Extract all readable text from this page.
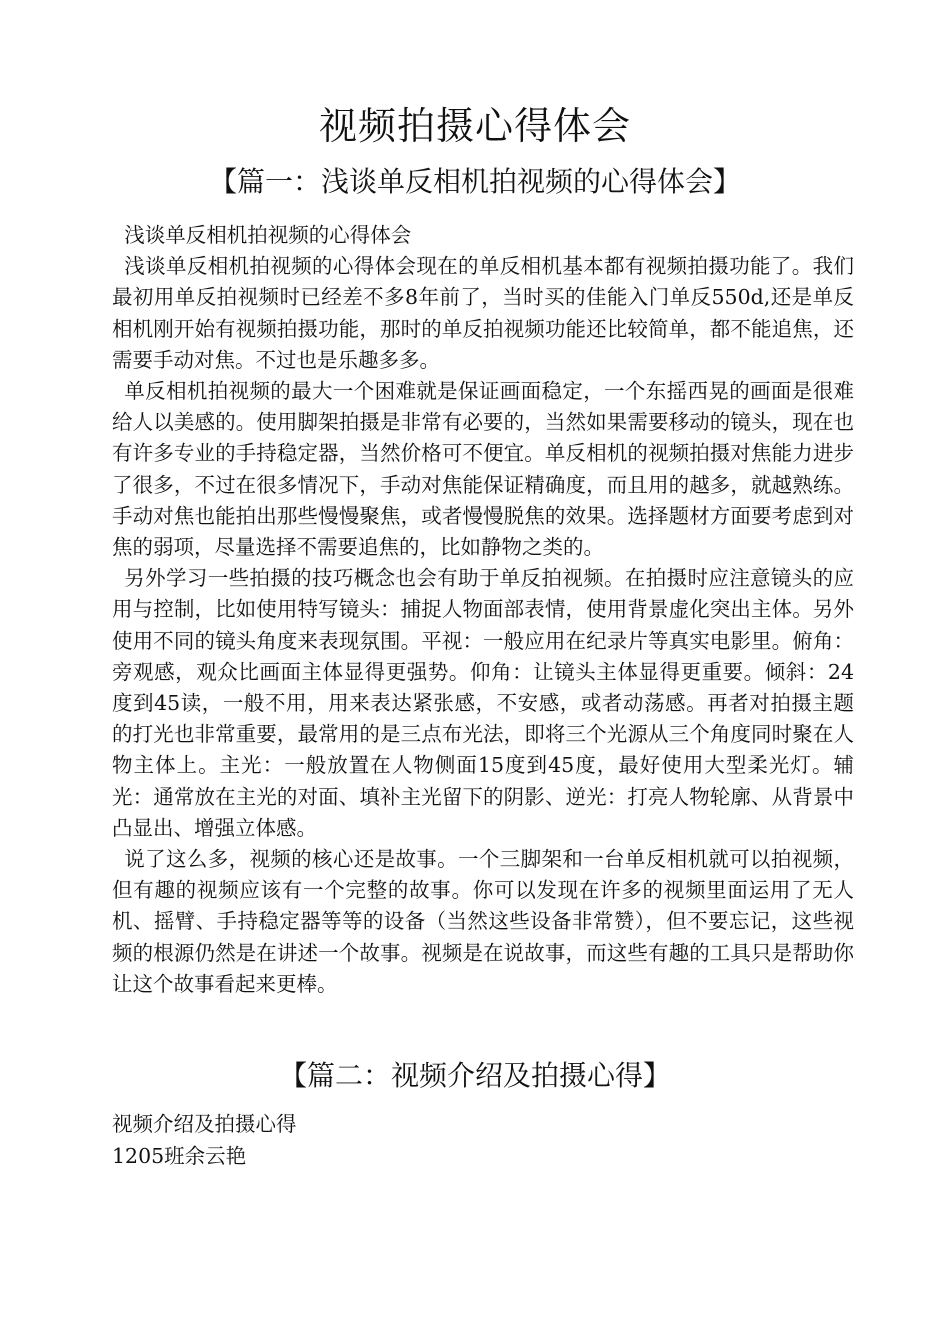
视频拍摄心得体会
【篇一：浅谈单反相机拍视频的心得体会】

浅谈单反相机拍视频的心得体会

浅谈单反相机拍视频的心得体会现在的单反相机基本都有视频拍摄功能了。我们最初用单反拍视频时已经差不多8年前了，当时买的佳能入门单反550d,还是单反相机刚开始有视频拍摄功能，那时的单反拍视频功能还比较简单，都不能追焦，还需要手动对焦。不过也是乐趣多多。

单反相机拍视频的最大一个困难就是保证画面稳定，一个东摇西晃的画面是很难给人以美感的。使用脚架拍摄是非常有必要的，当然如果需要移动的镜头，现在也有许多专业的手持稳定器，当然价格可不便宜。单反相机的视频拍摄对焦能力进步了很多，不过在很多情况下，手动对焦能保证精确度，而且用的越多，就越熟练。手动对焦也能拍出那些慢慢聚焦，或者慢慢脱焦的效果。选择题材方面要考虑到对焦的弱项，尽量选择不需要追焦的，比如静物之类的。

另外学习一些拍摄的技巧概念也会有助于单反拍视频。在拍摄时应注意镜头的应用与控制，比如使用特写镜头：捕捉人物面部表情，使用背景虚化突出主体。另外使用不同的镜头角度来表现氛围。平视：一般应用在纪录片等真实电影里。俯角：旁观感，观众比画面主体显得更强势。仰角：让镜头主体显得更重要。倾斜：24度到45读，一般不用，用来表达紧张感，不安感，或者动荡感。再者对拍摄主题的打光也非常重要，最常用的是三点布光法，即将三个光源从三个角度同时聚在人物主体上。主光：一般放置在人物侧面15度到45度，最好使用大型柔光灯。辅光：通常放在主光的对面、填补主光留下的阴影、逆光：打亮人物轮廓、从背景中凸显出、增强立体感。

说了这么多，视频的核心还是故事。一个三脚架和一台单反相机就可以拍视频，但有趣的视频应该有一个完整的故事。你可以发现在许多的视频里面运用了无人机、摇臂、手持稳定器等等的设备（当然这些设备非常赞），但不要忘记，这些视频的根源仍然是在讲述一个故事。视频是在说故事，而这些有趣的工具只是帮助你让这个故事看起来更棒。

【篇二：视频介绍及拍摄心得】

视频介绍及拍摄心得

1205班余云艳
